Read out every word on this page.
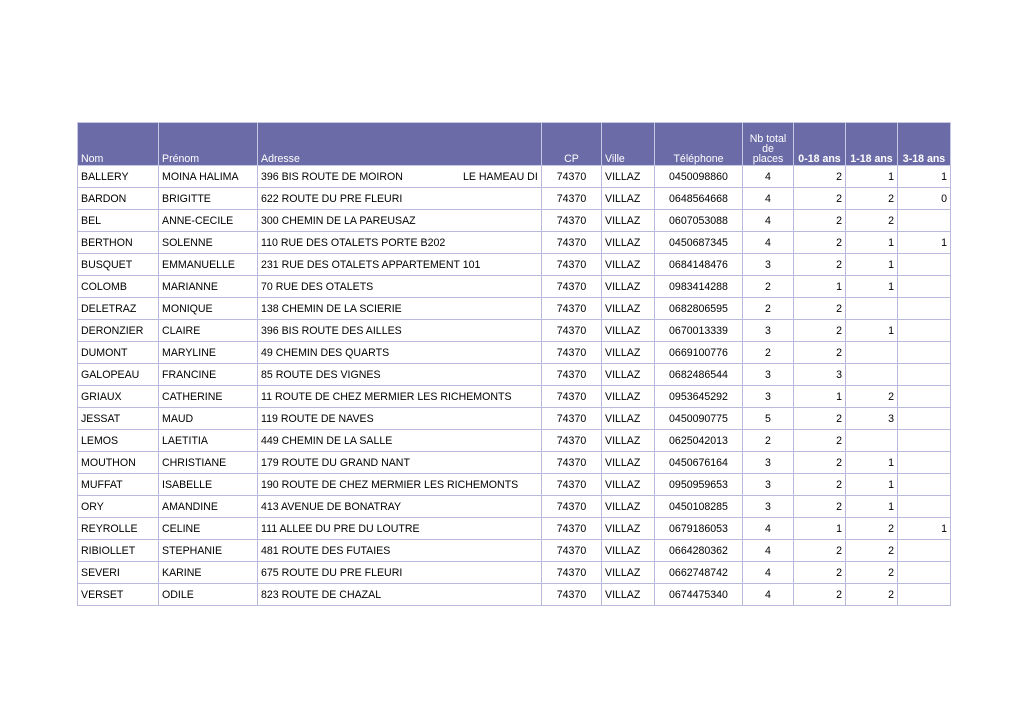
Nom	Prénom	Adresse	CP	Ville	Téléphone	Nb total de places	0-18 ans	1-18 ans	3-18 ans
BALLERY	MOINA HALIMA	396 BIS ROUTE DE MOIRON LE HAMEAU DI	74370	VILLAZ	0450098860	4	2	1	1
BARDON	BRIGITTE	622 ROUTE DU PRE FLEURI	74370	VILLAZ	0648564668	4	2	2	0
BEL	ANNE-CECILE	300 CHEMIN DE LA PAREUSAZ	74370	VILLAZ	0607053088	4	2	2	
BERTHON	SOLENNE	110 RUE DES OTALETS PORTE B202	74370	VILLAZ	0450687345	4	2	1	1
BUSQUET	EMMANUELLE	231 RUE DES OTALETS APPARTEMENT 101	74370	VILLAZ	0684148476	3	2	1	
COLOMB	MARIANNE	70 RUE DES OTALETS	74370	VILLAZ	0983414288	2	1	1	
DELETRAZ	MONIQUE	138 CHEMIN DE LA SCIERIE	74370	VILLAZ	0682806595	2	2		
DERONZIER	CLAIRE	396 BIS ROUTE DES AILLES	74370	VILLAZ	0670013339	3	2	1	
DUMONT	MARYLINE	49 CHEMIN DES QUARTS	74370	VILLAZ	0669100776	2	2		
GALOPEAU	FRANCINE	85 ROUTE DES VIGNES	74370	VILLAZ	0682486544	3	3		
GRIAUX	CATHERINE	11 ROUTE DE CHEZ MERMIER LES RICHEMONTS	74370	VILLAZ	0953645292	3	1	2	
JESSAT	MAUD	119 ROUTE DE NAVES	74370	VILLAZ	0450090775	5	2	3	
LEMOS	LAETITIA	449 CHEMIN DE LA SALLE	74370	VILLAZ	0625042013	2	2		
MOUTHON	CHRISTIANE	179 ROUTE DU GRAND NANT	74370	VILLAZ	0450676164	3	2	1	
MUFFAT	ISABELLE	190 ROUTE DE CHEZ MERMIER LES RICHEMONTS	74370	VILLAZ	0950959653	3	2	1	
ORY	AMANDINE	413 AVENUE DE BONATRAY	74370	VILLAZ	0450108285	3	2	1	
REYROLLE	CELINE	111 ALLEE DU PRE DU LOUTRE	74370	VILLAZ	0679186053	4	1	2	1
RIBIOLLET	STEPHANIE	481 ROUTE DES FUTAIES	74370	VILLAZ	0664280362	4	2	2	
SEVERI	KARINE	675 ROUTE DU PRE FLEURI	74370	VILLAZ	0662748742	4	2	2	
VERSET	ODILE	823 ROUTE DE CHAZAL	74370	VILLAZ	0674475340	4	2	2	
